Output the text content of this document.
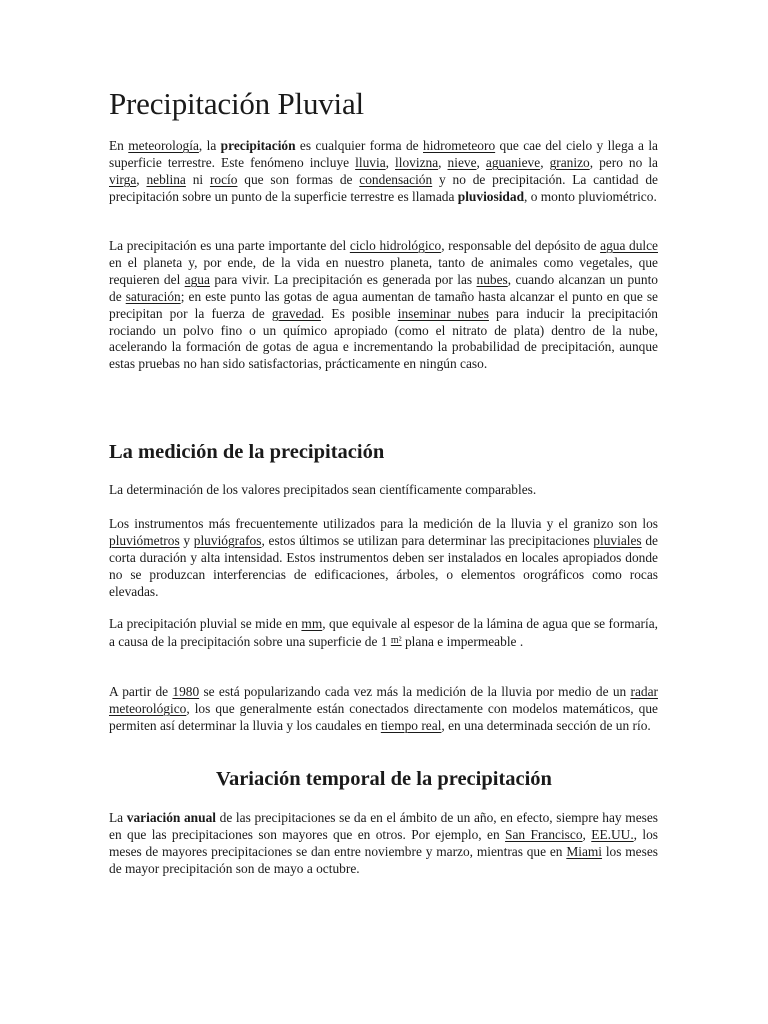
Precipitación Pluvial

En meteorología, la precipitación es cualquier forma de hidrometeoro que cae del cielo y llega a la superficie terrestre. Este fenómeno incluye lluvia, llovizna, nieve, aguanieve, granizo, pero no la virga, neblina ni rocío que son formas de condensación y no de precipitación. La cantidad de precipitación sobre un punto de la superficie terrestre es llamada pluviosidad, o monto pluviométrico.

La precipitación es una parte importante del ciclo hidrológico, responsable del depósito de agua dulce en el planeta y, por ende, de la vida en nuestro planeta, tanto de animales como vegetales, que requieren del agua para vivir. La precipitación es generada por las nubes, cuando alcanzan un punto de saturación; en este punto las gotas de agua aumentan de tamaño hasta alcanzar el punto en que se precipitan por la fuerza de gravedad. Es posible inseminar nubes para inducir la precipitación rociando un polvo fino o un químico apropiado (como el nitrato de plata) dentro de la nube, acelerando la formación de gotas de agua e incrementando la probabilidad de precipitación, aunque estas pruebas no han sido satisfactorias, prácticamente en ningún caso.

La medición de la precipitación

La determinación de los valores precipitados sean científicamente comparables.

Los instrumentos más frecuentemente utilizados para la medición de la lluvia y el granizo son los pluviómetros y pluviógrafos, estos últimos se utilizan para determinar las precipitaciones pluviales de corta duración y alta intensidad. Estos instrumentos deben ser instalados en locales apropiados donde no se produzcan interferencias de edificaciones, árboles, o elementos orográficos como rocas elevadas.

La precipitación pluvial se mide en mm, que equivale al espesor de la lámina de agua que se formaría, a causa de la precipitación sobre una superficie de 1 $^{m^2}$ plana e impermeable .

A partir de 1980 se está popularizando cada vez más la medición de la lluvia por medio de un radar meteorológico, los que generalmente están conectados directamente con modelos matemáticos, que permiten así determinar la lluvia y los caudales en tiempo real, en una determinada sección de un río.

Variación temporal de la precipitación

La variación anual de las precipitaciones se da en el ámbito de un año, en efecto, siempre hay meses en que las precipitaciones son mayores que en otros. Por ejemplo, en San Francisco, EE.UU., los meses de mayores precipitaciones se dan entre noviembre y marzo, mientras que en Miami los meses de mayor precipitación son de mayo a octubre.
